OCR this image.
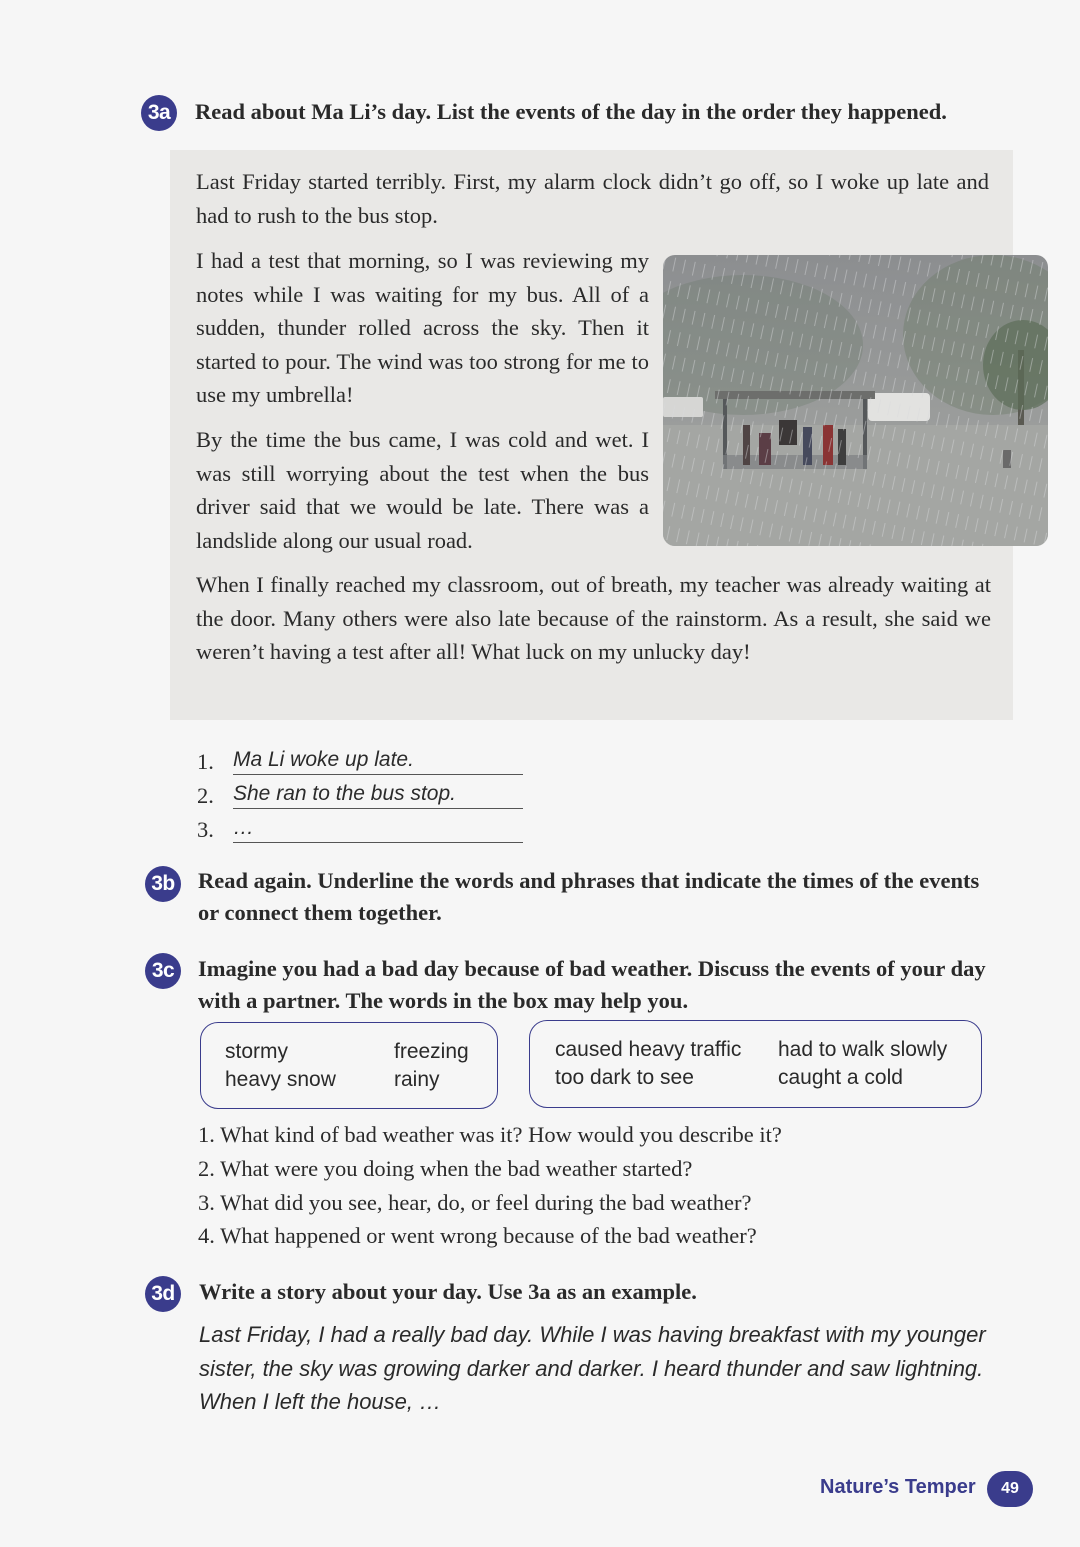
3a	Read about Ma Li’s day. List the events of the day in the order they happened.
Last Friday started terribly. First, my alarm clock didn’t go off, so I woke up late and had to rush to the bus stop.
I had a test that morning, so I was reviewing my notes while I was waiting for my bus. All of a sudden, thunder rolled across the sky. Then it started to pour. The wind was too strong for me to use my umbrella!
By the time the bus came, I was cold and wet. I was still worrying about the test when the bus driver said that we would be late. There was a landslide along our usual road.
When I finally reached my classroom, out of breath, my teacher was already waiting at the door. Many others were also late because of the rainstorm. As a result, she said we weren’t having a test after all! What luck on my unlucky day!
1. Ma Li woke up late.
2. She ran to the bus stop.
3. …
3b Read again. Underline the words and phrases that indicate the times of the events or connect them together.
3c	Imagine you had a bad day because of bad weather. Discuss the events of your day with a partner. The words in the box may help you.
stormy	freezing
heavy snow	rainy
caused heavy traffic had to walk slowly
too dark to see	caught a cold
1. What kind of bad weather was it? How would you describe it?
2. What were you doing when the bad weather started?
3. What did you see, hear, do, or feel during the bad weather?
4. What happened or went wrong because of the bad weather?
3d Write a story about your day. Use 3a as an example.
Last Friday, I had a really bad day. While I was having breakfast with my younger sister, the sky was growing darker and darker. I heard thunder and saw lightning. When I left the house, …
Nature’s Temper	49
